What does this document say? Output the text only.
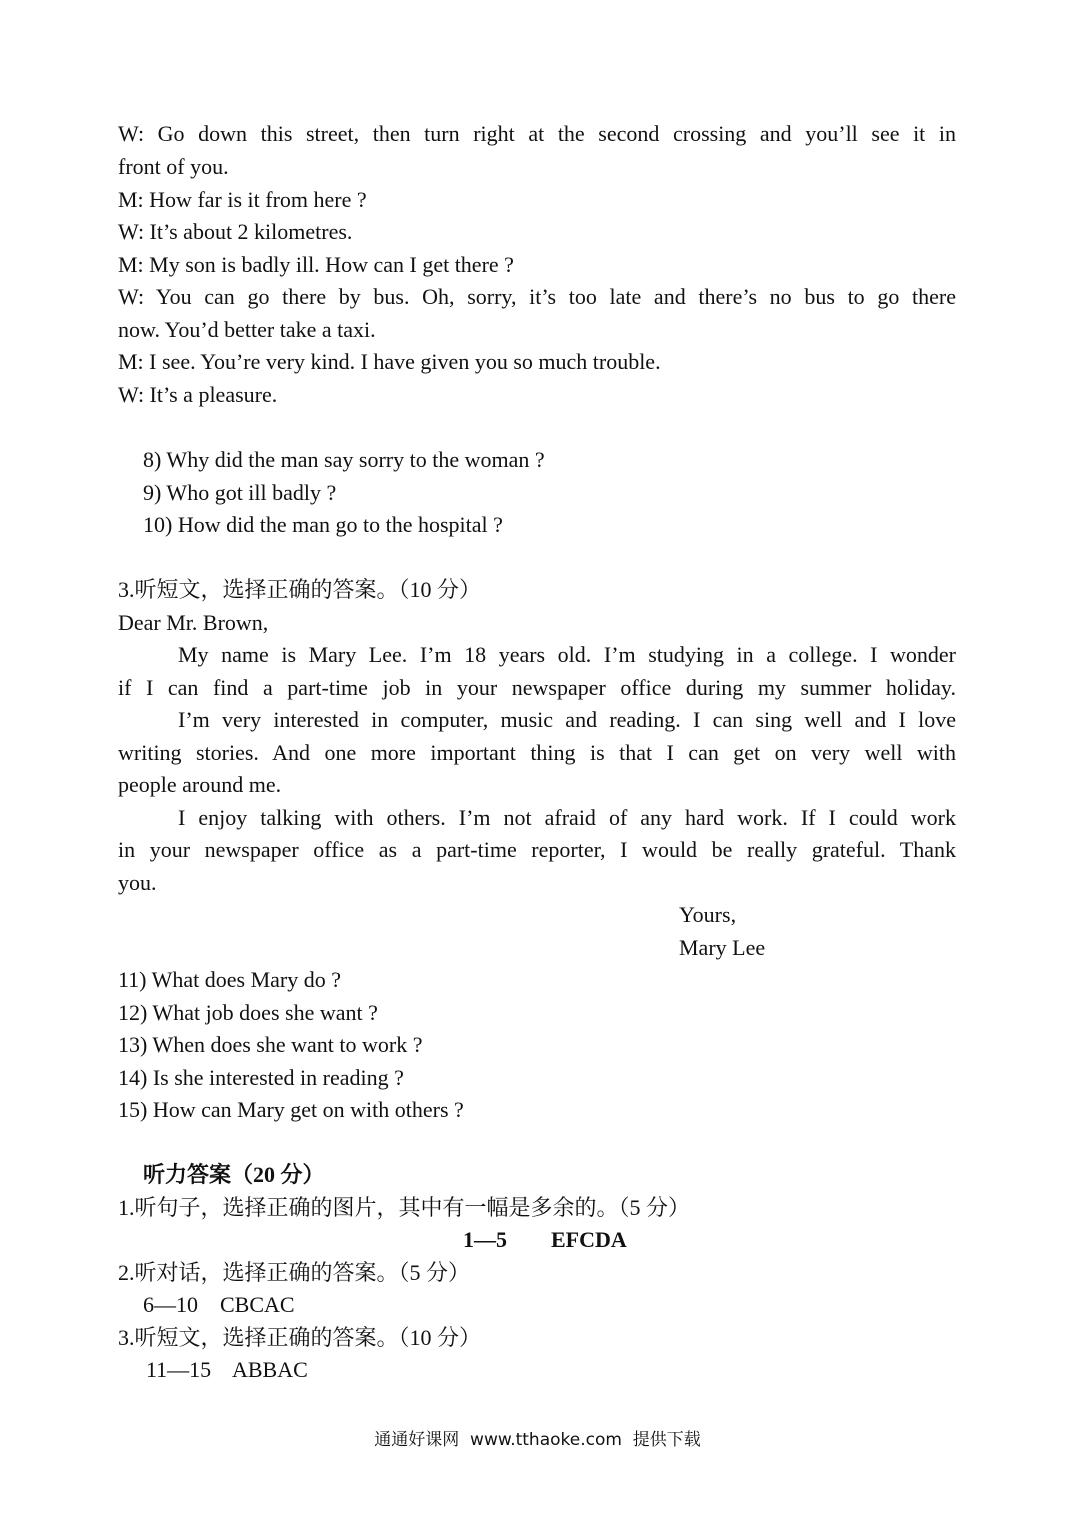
W: Go down this street, then turn right at the second crossing and you’ll see it in
front of you.
M: How far is it from here ?
W: It’s about 2 kilometres.
M: My son is badly ill. How can I get there ?
W: You can go there by bus. Oh, sorry, it’s too late and there’s no bus to go there
now. You’d better take a taxi.
M: I see. You’re very kind. I have given you so much trouble.
W: It’s a pleasure.
8) Why did the man say sorry to the woman ?
9) Who got ill badly ?
10) How did the man go to the hospital ?
3.听短文，选择正确的答案。（10 分）
Dear Mr. Brown,
My name is Mary Lee. I’m 18 years old. I’m studying in a college. I wonder
if I can find a part-time job in your newspaper office during my summer holiday.
I’m very interested in computer, music and reading. I can sing well and I love
writing stories. And one more important thing is that I can get on very well with
people around me.
I enjoy talking with others. I’m not afraid of any hard work. If I could work
in your newspaper office as a part-time reporter, I would be really grateful. Thank
you.
Yours,
Mary Lee
11) What does Mary do ?
12) What job does she want ?
13) When does she want to work ?
14) Is she interested in reading ?
15) How can Mary get on with others ?
听力答案（20 分）
1.听句子，选择正确的图片，其中有一幅是多余的。（5 分）
1—5 EFCDA
2.听对话，选择正确的答案。（5 分）
6—10    CBCAC
3.听短文，选择正确的答案。（10 分）
11—15    ABBAC
通通好课网  www.tthaoke.com  提供下载
